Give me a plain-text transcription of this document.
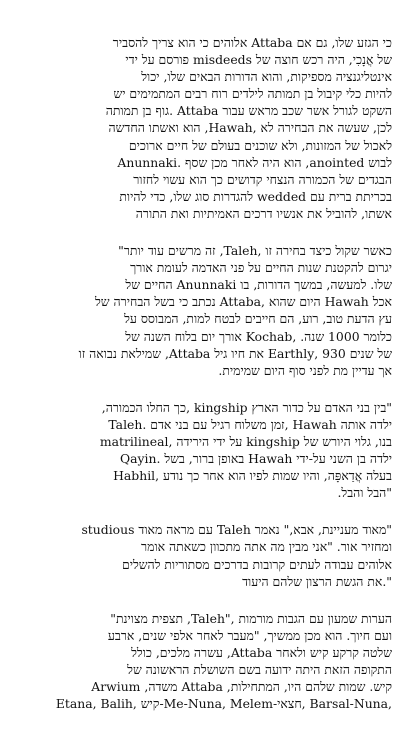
כי הגזע שלו, גם אם Attaba אלוהים כי הוא צריך להסביר
של אֲנָכִי, היה רכש חוצה של misdeeds פורסם על ידי
אינטליגנציה מספיקות, והוא הדורות הבאים שלו, יכול
להיות כלי קיבול בן תמותה לילדים רוח רבים המתמימים יש
השקט לגורל אשר שכב מראש עבור Attaba .גוף בן תמותה
לכן, שעשה את הבחירה לא ,Hawah, הוא ואשתו החדשה
לאכול של המזונות, ולא שוכנים בעולם של חיים ארוכים
לבוש anointed, הוא היה לאחר מכן שסף .Anunnaki
הבגדים של הכמורה הנצחי קדושים כך הוא עשוי לחזור
בכריתת ברית עם wedded להגדרות סוג שלו, כדי להיות
אשתו, להוביל את אנשיו דרכים האמיתיות ואת התורה
כאשר שקול כיצד בחירה זו ,Taleh, זה מרשים עוד יותר"
יגרום להקטנת שנות החיים על פני האדמה לעומת אורך
שלו. למעשה, במשך הדורות, בו Anunnaki החיים של
אכל Hawah היום שהוא ,Attaba נכתב כי בשל הבחירה של
עץ הדעת טוב, רוע, הם חייבים לבטח למות, המבוסס על
כלומר 1000 שנה. ,Kochab אורך יום בלוח השנה של
של שנים 930 ,Earthly את חיו גיל Attaba, שמילאת נבואה זו
אך עדיין מת לפני סוף היום שמימית.
"בין בני האדם על כדור הארץ kingship ,כך החלו הכמורה,
ילדה אותה Hawah ,זמן משלוח רגיל עם בני אדם .Taleh
matrilineal, על ידי הירידה kingship בנו, גלוי היורש של
ילדה בן השני על-ידי Hawah באופן ברור, בשל .Qayin
Habhil, בעלה אֲדַאפָּה, והיו שמות לפיו הוא אחר כך נודע
"הבל והבל.
studious עם מראה מאוד Taleh מאוד מעניינת, אבא," נאמר"
ומחזיר אור. "אני מבין מה אתה מתכוון כשאתה אומר
אלוהים עבודה לעתים קרובות בדרכים מסתוריות להשלים
".את הגשת הרצון שלהם היעוד
הערות שמעון עם הגבות מורמות ,"Taleh, תצפית מצוינת"
ועם חיוך. הוא מכן ממשיך, "מעבר לאחר אלפי שנים, ארבע
שלטה קרקע קיש ולאחר Attaba, עשרה מלכים, כולל
התקופה הזאת היתה ידועה בשם השושלת הראשונה של
Arwium ,משדה Attaba ,קיש. שמות שלהם היו, המתחילות
Etana, Balih, קיש-Me-Nuna, Melem-חצאי, Barsal-Nuna,
